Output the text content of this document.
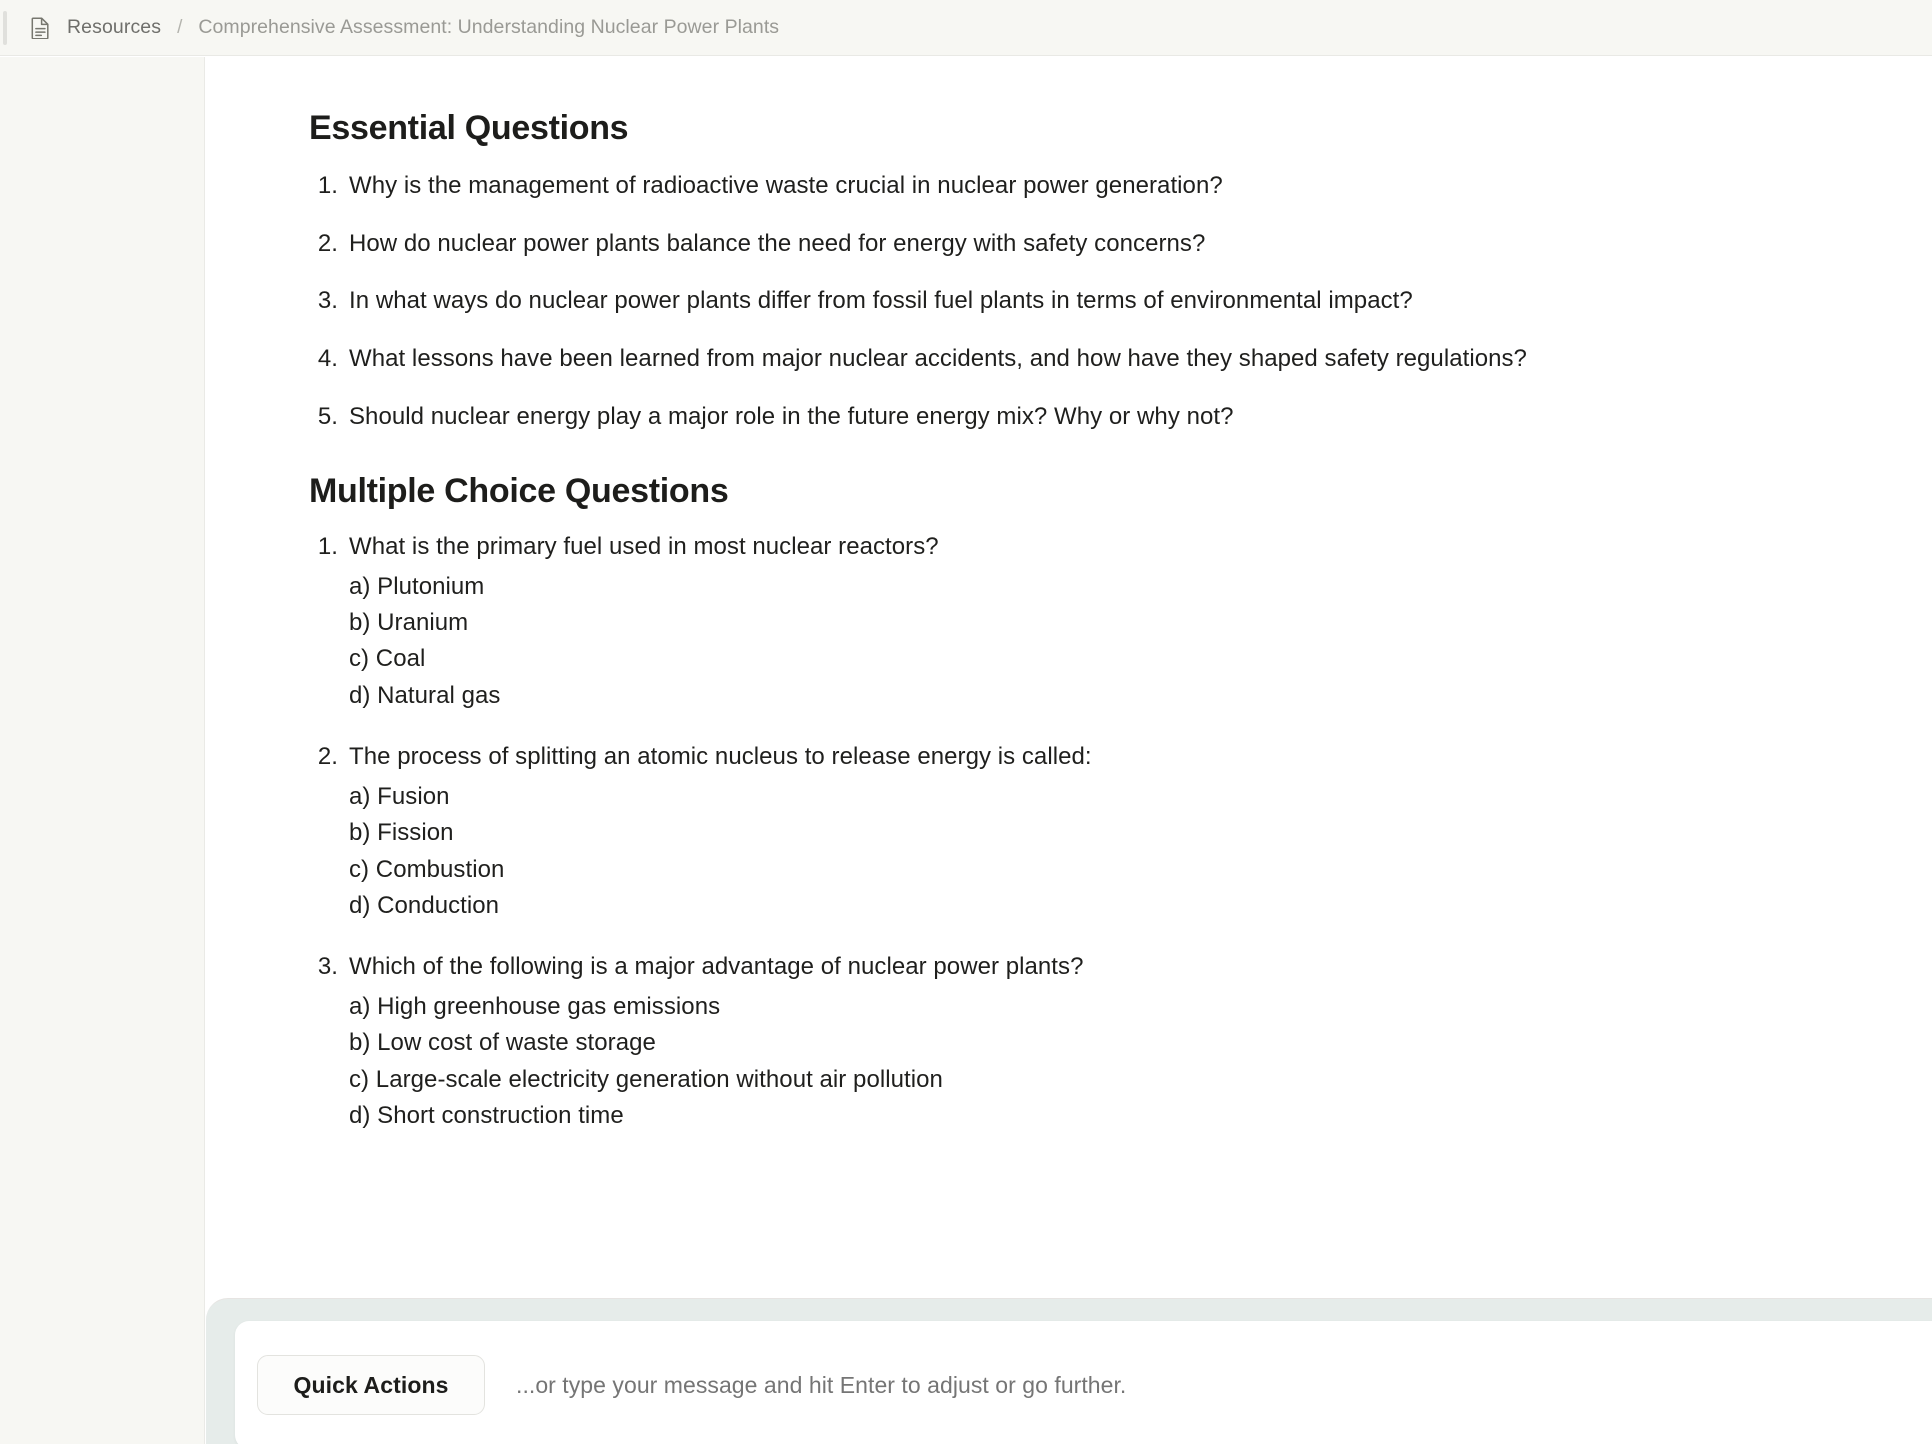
Resources / Comprehensive Assessment: Understanding Nuclear Power Plants
Essential Questions
1. Why is the management of radioactive waste crucial in nuclear power generation?
2. How do nuclear power plants balance the need for energy with safety concerns?
3. In what ways do nuclear power plants differ from fossil fuel plants in terms of environmental impact?
4. What lessons have been learned from major nuclear accidents, and how have they shaped safety regulations?
5. Should nuclear energy play a major role in the future energy mix? Why or why not?
Multiple Choice Questions
1. What is the primary fuel used in most nuclear reactors?
a) Plutonium
b) Uranium
c) Coal
d) Natural gas
2. The process of splitting an atomic nucleus to release energy is called:
a) Fusion
b) Fission
c) Combustion
d) Conduction
3. Which of the following is a major advantage of nuclear power plants?
a) High greenhouse gas emissions
b) Low cost of waste storage
c) Large-scale electricity generation without air pollution
d) Short construction time
Quick Actions
...or type your message and hit Enter to adjust or go further.
